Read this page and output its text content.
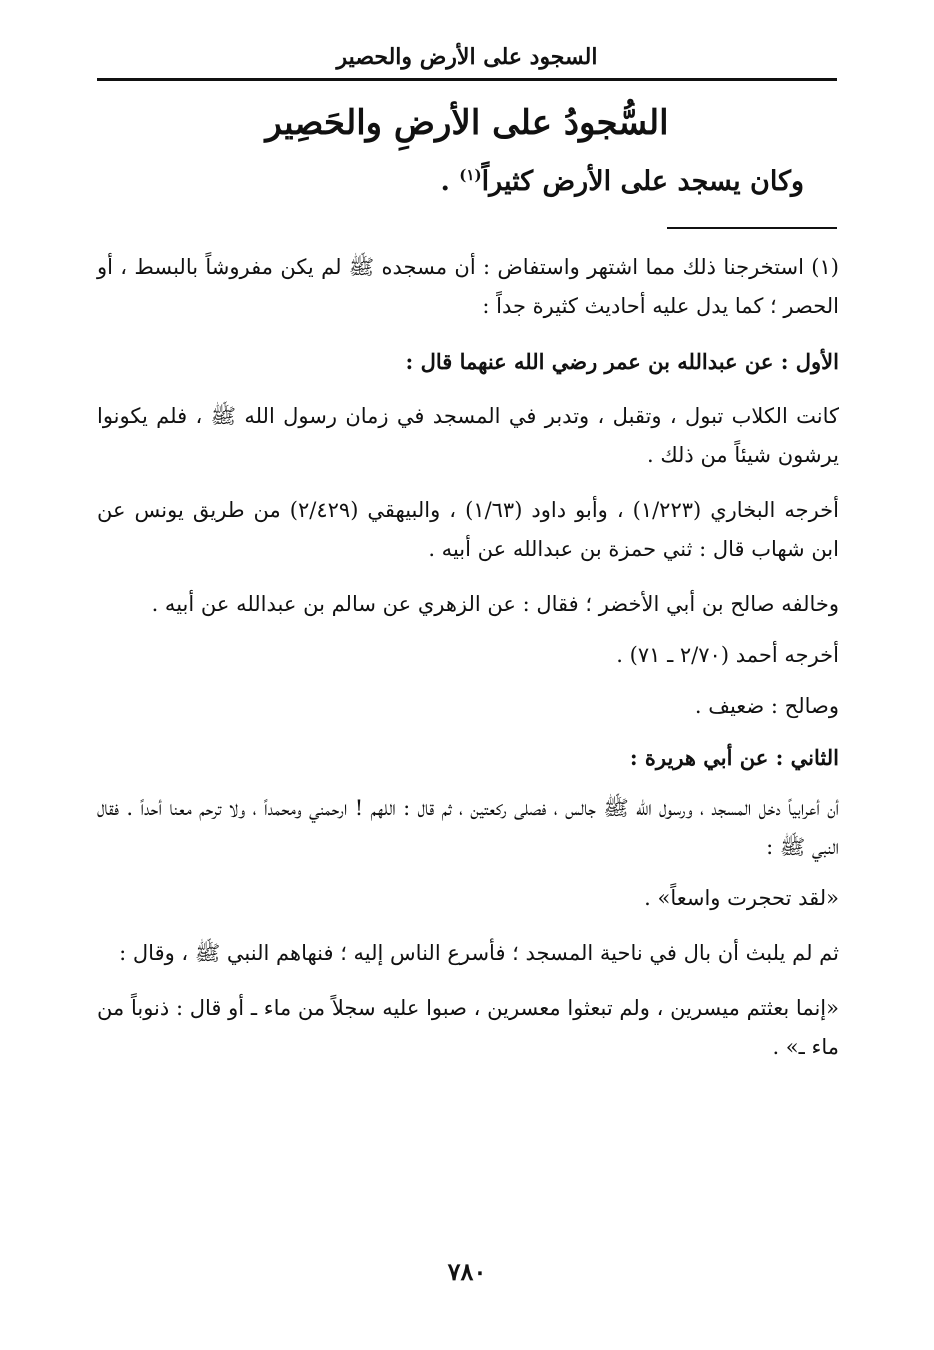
السجود على الأرض والحصير
السُّجودُ على الأرضِ والحَصِير
وكان يسجد على الأرض كثيراً$^{(١)}$ .

(١) استخرجنا ذلك مما اشتهر واستفاض : أن مسجده ﷺ لم يكن مفروشاً بالبسط ، أو الحصر ؛ كما يدل عليه أحاديث كثيرة جداً :

الأول : عن عبدالله بن عمر رضي الله عنهما قال :

كانت الكلاب تبول ، وتقبل ، وتدبر في المسجد في زمان رسول الله ﷺ ، فلم يكونوا يرشون شيئاً من ذلك .

أخرجه البخاري (١/٢٢٣) ، وأبو داود (١/٦٣) ، والبيهقي (٢/٤٢٩) من طريق يونس عن ابن شهاب قال : ثني حمزة بن عبدالله عن أبيه .

وخالفه صالح بن أبي الأخضر ؛ فقال : عن الزهري عن سالم بن عبدالله عن أبيه .

أخرجه أحمد (٢/٧٠ ـ ٧١) .

وصالح : ضعيف .

الثاني : عن أبي هريرة :

أن أعرابياً دخل المسجد ، ورسول الله ﷺ جالس ، فصلى ركعتين ، ثم قال : اللهم ! ارحمني ومحمداً ، ولا ترحم معنا أحداً . فقال النبي ﷺ :

«لقد تحجرت واسعاً» .

ثم لم يلبث أن بال في ناحية المسجد ؛ فأسرع الناس إليه ؛ فنهاهم النبي ﷺ ، وقال :

«إنما بعثتم ميسرين ، ولم تبعثوا معسرين ، صبوا عليه سجلاً من ماء ـ أو قال : ذنوباً من ماء ـ» .

٧٨٠
